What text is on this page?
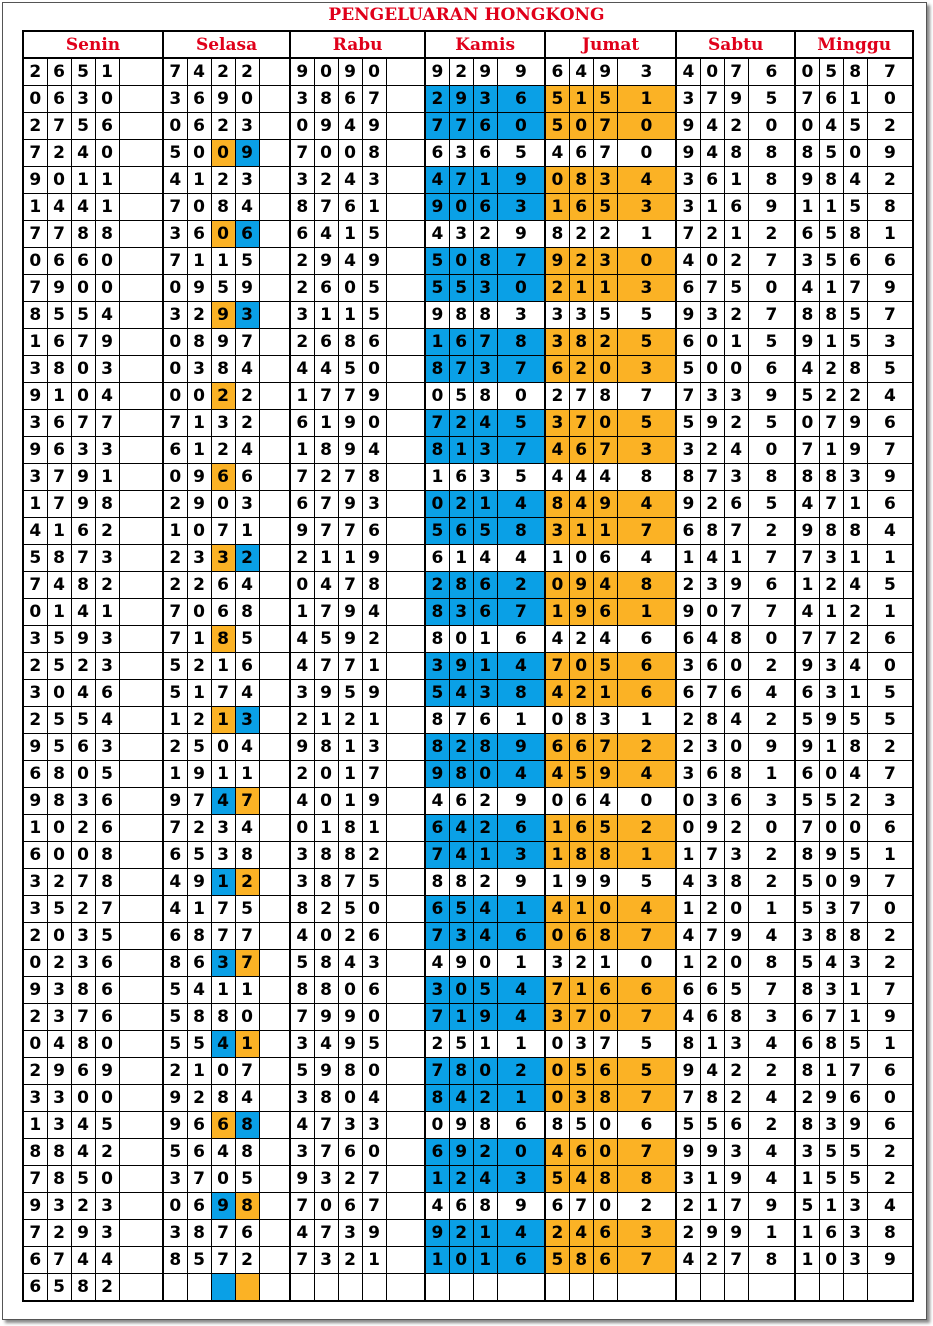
PENGELUARAN HONGKONG
Senin					Selasa					Rabu					Kamis				Jumat				Sabtu				Minggu			
2	6	5	1		7	4	2	2		9	0	9	0		9	2	9	9	6	4	9	3	4	0	7	6	0	5	8	7
0	6	3	0		3	6	9	0		3	8	6	7		2	9	3	6	5	1	5	1	3	7	9	5	7	6	1	0
2	7	5	6		0	6	2	3		0	9	4	9		7	7	6	0	5	0	7	0	9	4	2	0	0	4	5	2
7	2	4	0		5	0	0	9		7	0	0	8		6	3	6	5	4	6	7	0	9	4	8	8	8	5	0	9
9	0	1	1		4	1	2	3		3	2	4	3		4	7	1	9	0	8	3	4	3	6	1	8	9	8	4	2
1	4	4	1		7	0	8	4		8	7	6	1		9	0	6	3	1	6	5	3	3	1	6	9	1	1	5	8
7	7	8	8		3	6	0	6		6	4	1	5		4	3	2	9	8	2	2	1	7	2	1	2	6	5	8	1
0	6	6	0		7	1	1	5		2	9	4	9		5	0	8	7	9	2	3	0	4	0	2	7	3	5	6	6
7	9	0	0		0	9	5	9		2	6	0	5		5	5	3	0	2	1	1	3	6	7	5	0	4	1	7	9
8	5	5	4		3	2	9	3		3	1	1	5		9	8	8	3	3	3	5	5	9	3	2	7	8	8	5	7
1	6	7	9		0	8	9	7		2	6	8	6		1	6	7	8	3	8	2	5	6	0	1	5	9	1	5	3
3	8	0	3		0	3	8	4		4	4	5	0		8	7	3	7	6	2	0	3	5	0	0	6	4	2	8	5
9	1	0	4		0	0	2	2		1	7	7	9		0	5	8	0	2	7	8	7	7	3	3	9	5	2	2	4
3	6	7	7		7	1	3	2		6	1	9	0		7	2	4	5	3	7	0	5	5	9	2	5	0	7	9	6
9	6	3	3		6	1	2	4		1	8	9	4		8	1	3	7	4	6	7	3	3	2	4	0	7	1	9	7
3	7	9	1		0	9	6	6		7	2	7	8		1	6	3	5	4	4	4	8	8	7	3	8	8	8	3	9
1	7	9	8		2	9	0	3		6	7	9	3		0	2	1	4	8	4	9	4	9	2	6	5	4	7	1	6
4	1	6	2		1	0	7	1		9	7	7	6		5	6	5	8	3	1	1	7	6	8	7	2	9	8	8	4
5	8	7	3		2	3	3	2		2	1	1	9		6	1	4	4	1	0	6	4	1	4	1	7	7	3	1	1
7	4	8	2		2	2	6	4		0	4	7	8		2	8	6	2	0	9	4	8	2	3	9	6	1	2	4	5
0	1	4	1		7	0	6	8		1	7	9	4		8	3	6	7	1	9	6	1	9	0	7	7	4	1	2	1
3	5	9	3		7	1	8	5		4	5	9	2		8	0	1	6	4	2	4	6	6	4	8	0	7	7	2	6
2	5	2	3		5	2	1	6		4	7	7	1		3	9	1	4	7	0	5	6	3	6	0	2	9	3	4	0
3	0	4	6		5	1	7	4		3	9	5	9		5	4	3	8	4	2	1	6	6	7	6	4	6	3	1	5
2	5	5	4		1	2	1	3		2	1	2	1		8	7	6	1	0	8	3	1	2	8	4	2	5	9	5	5
9	5	6	3		2	5	0	4		9	8	1	3		8	2	8	9	6	6	7	2	2	3	0	9	9	1	8	2
6	8	0	5		1	9	1	1		2	0	1	7		9	8	0	4	4	5	9	4	3	6	8	1	6	0	4	7
9	8	3	6		9	7	4	7		4	0	1	9		4	6	2	9	0	6	4	0	0	3	6	3	5	5	2	3
1	0	2	6		7	2	3	4		0	1	8	1		6	4	2	6	1	6	5	2	0	9	2	0	7	0	0	6
6	0	0	8		6	5	3	8		3	8	8	2		7	4	1	3	1	8	8	1	1	7	3	2	8	9	5	1
3	2	7	8		4	9	1	2		3	8	7	5		8	8	2	9	1	9	9	5	4	3	8	2	5	0	9	7
3	5	2	7		4	1	7	5		8	2	5	0		6	5	4	1	4	1	0	4	1	2	0	1	5	3	7	0
2	0	3	5		6	8	7	7		4	0	2	6		7	3	4	6	0	6	8	7	4	7	9	4	3	8	8	2
0	2	3	6		8	6	3	7		5	8	4	3		4	9	0	1	3	2	1	0	1	2	0	8	5	4	3	2
9	3	8	6		5	4	1	1		8	8	0	6		3	0	5	4	7	1	6	6	6	6	5	7	8	3	1	7
2	3	7	6		5	8	8	0		7	9	9	0		7	1	9	4	3	7	0	7	4	6	8	3	6	7	1	9
0	4	8	0		5	5	4	1		3	4	9	5		2	5	1	1	0	3	7	5	8	1	3	4	6	8	5	1
2	9	6	9		2	1	0	7		5	9	8	0		7	8	0	2	0	5	6	5	9	4	2	2	8	1	7	6
3	3	0	0		9	2	8	4		3	8	0	4		8	4	2	1	0	3	8	7	7	8	2	4	2	9	6	0
1	3	4	5		9	6	6	8		4	7	3	3		0	9	8	6	8	5	0	6	5	5	6	2	8	3	9	6
8	8	4	2		5	6	4	8		3	7	6	0		6	9	2	0	4	6	0	7	9	9	3	4	3	5	5	2
7	8	5	0		3	7	0	5		9	3	2	7		1	2	4	3	5	4	8	8	3	1	9	4	1	5	5	2
9	3	2	3		0	6	9	8		7	0	6	7		4	6	8	9	6	7	0	2	2	1	7	9	5	1	3	4
7	2	9	3		3	8	7	6		4	7	3	9		9	2	1	4	2	4	6	3	2	9	9	1	1	6	3	8
6	7	4	4		8	5	7	2		7	3	2	1		1	0	1	6	5	8	6	7	4	2	7	8	1	0	3	9
6	5	8	2																											
